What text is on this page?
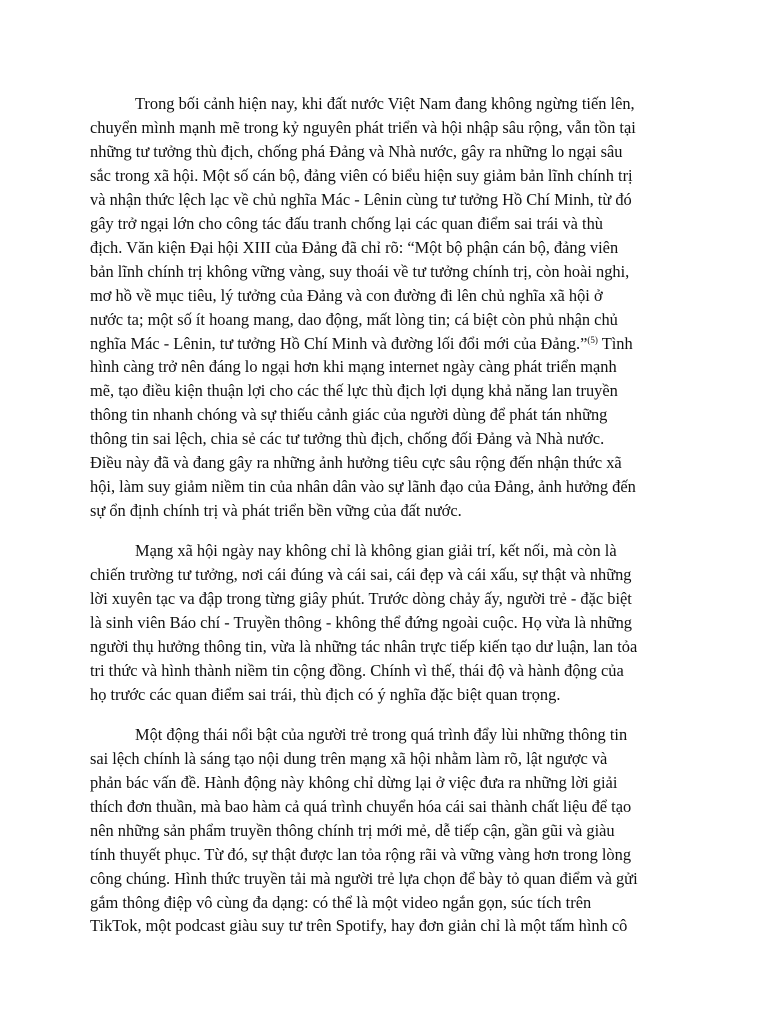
Trong bối cảnh hiện nay, khi đất nước Việt Nam đang không ngừng tiến lên,
chuyển mình mạnh mẽ trong kỷ nguyên phát triển và hội nhập sâu rộng, vẫn tồn tại
những tư tưởng thù địch, chống phá Đảng và Nhà nước, gây ra những lo ngại sâu
sắc trong xã hội. Một số cán bộ, đảng viên có biểu hiện suy giảm bản lĩnh chính trị
và nhận thức lệch lạc về chủ nghĩa Mác - Lênin cùng tư tưởng Hồ Chí Minh, từ đó
gây trở ngại lớn cho công tác đấu tranh chống lại các quan điểm sai trái và thù
địch. Văn kiện Đại hội XIII của Đảng đã chỉ rõ: “Một bộ phận cán bộ, đảng viên
bản lĩnh chính trị không vững vàng, suy thoái về tư tưởng chính trị, còn hoài nghi,
mơ hồ về mục tiêu, lý tưởng của Đảng và con đường đi lên chủ nghĩa xã hội ở
nước ta; một số ít hoang mang, dao động, mất lòng tin; cá biệt còn phủ nhận chủ
nghĩa Mác - Lênin, tư tưởng Hồ Chí Minh và đường lối đổi mới của Đảng.”$^{(5)}$ Tình
hình càng trở nên đáng lo ngại hơn khi mạng internet ngày càng phát triển mạnh
mẽ, tạo điều kiện thuận lợi cho các thế lực thù địch lợi dụng khả năng lan truyền
thông tin nhanh chóng và sự thiếu cảnh giác của người dùng để phát tán những
thông tin sai lệch, chia sẻ các tư tưởng thù địch, chống đối Đảng và Nhà nước.
Điều này đã và đang gây ra những ảnh hưởng tiêu cực sâu rộng đến nhận thức xã
hội, làm suy giảm niềm tin của nhân dân vào sự lãnh đạo của Đảng, ảnh hưởng đến
sự ổn định chính trị và phát triển bền vững của đất nước.
Mạng xã hội ngày nay không chỉ là không gian giải trí, kết nối, mà còn là
chiến trường tư tưởng, nơi cái đúng và cái sai, cái đẹp và cái xấu, sự thật và những
lời xuyên tạc va đập trong từng giây phút. Trước dòng chảy ấy, người trẻ - đặc biệt
là sinh viên Báo chí - Truyền thông - không thể đứng ngoài cuộc. Họ vừa là những
người thụ hưởng thông tin, vừa là những tác nhân trực tiếp kiến tạo dư luận, lan tỏa
tri thức và hình thành niềm tin cộng đồng. Chính vì thế, thái độ và hành động của
họ trước các quan điểm sai trái, thù địch có ý nghĩa đặc biệt quan trọng.
Một động thái nổi bật của người trẻ trong quá trình đẩy lùi những thông tin
sai lệch chính là sáng tạo nội dung trên mạng xã hội nhằm làm rõ, lật ngược và
phản bác vấn đề. Hành động này không chỉ dừng lại ở việc đưa ra những lời giải
thích đơn thuần, mà bao hàm cả quá trình chuyển hóa cái sai thành chất liệu để tạo
nên những sản phẩm truyền thông chính trị mới mẻ, dễ tiếp cận, gần gũi và giàu
tính thuyết phục. Từ đó, sự thật được lan tỏa rộng rãi và vững vàng hơn trong lòng
công chúng. Hình thức truyền tải mà người trẻ lựa chọn để bày tỏ quan điểm và gửi
gắm thông điệp vô cùng đa dạng: có thể là một video ngắn gọn, súc tích trên
TikTok, một podcast giàu suy tư trên Spotify, hay đơn giản chỉ là một tấm hình cô
